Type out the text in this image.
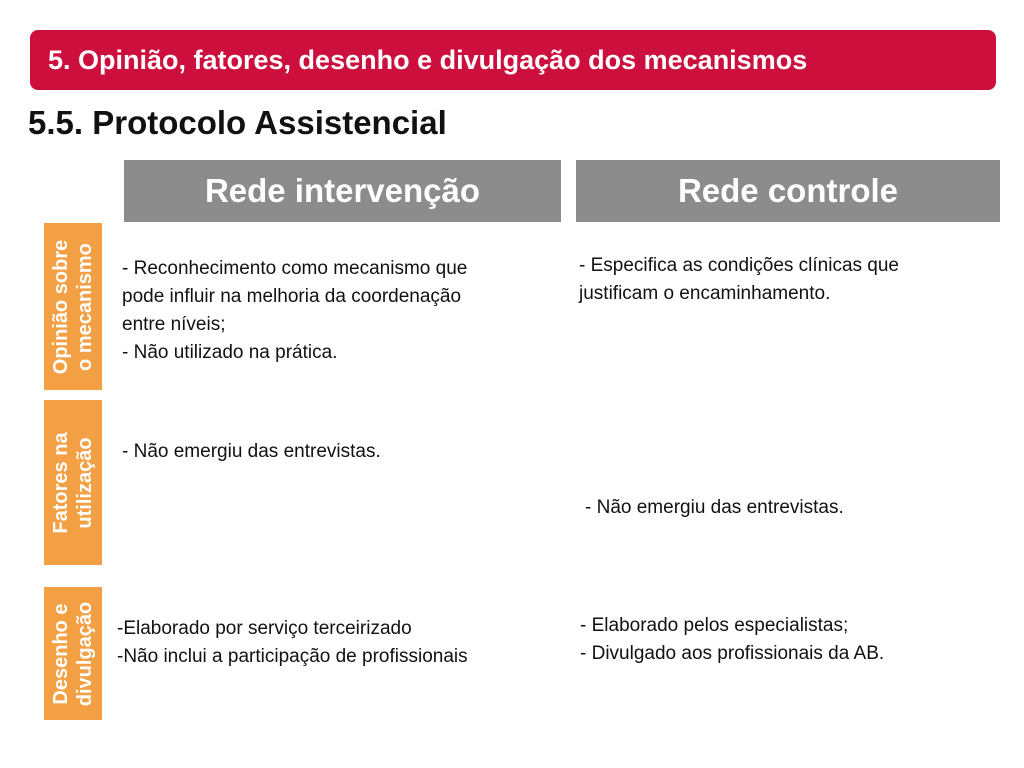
5. Opinião, fatores, desenho e divulgação dos mecanismos
5.5. Protocolo Assistencial
Rede intervenção	Rede controle
Opinião sobre o mecanismo - Reconhecimento como mecanismo que
pode influir na melhoria da coordenação
entre níveis;
- Não utilizado na prática.
- Especifica as condições clínicas que
justificam o encaminhamento.
Fatores na utilização - Não emergiu das entrevistas.

- Não emergiu das entrevistas.

Desenho e divulgação -Elaborado por serviço terceirizado
-Não inclui a participação de profissionais
- Elaborado pelos especialistas;
- Divulgado aos profissionais da AB.
